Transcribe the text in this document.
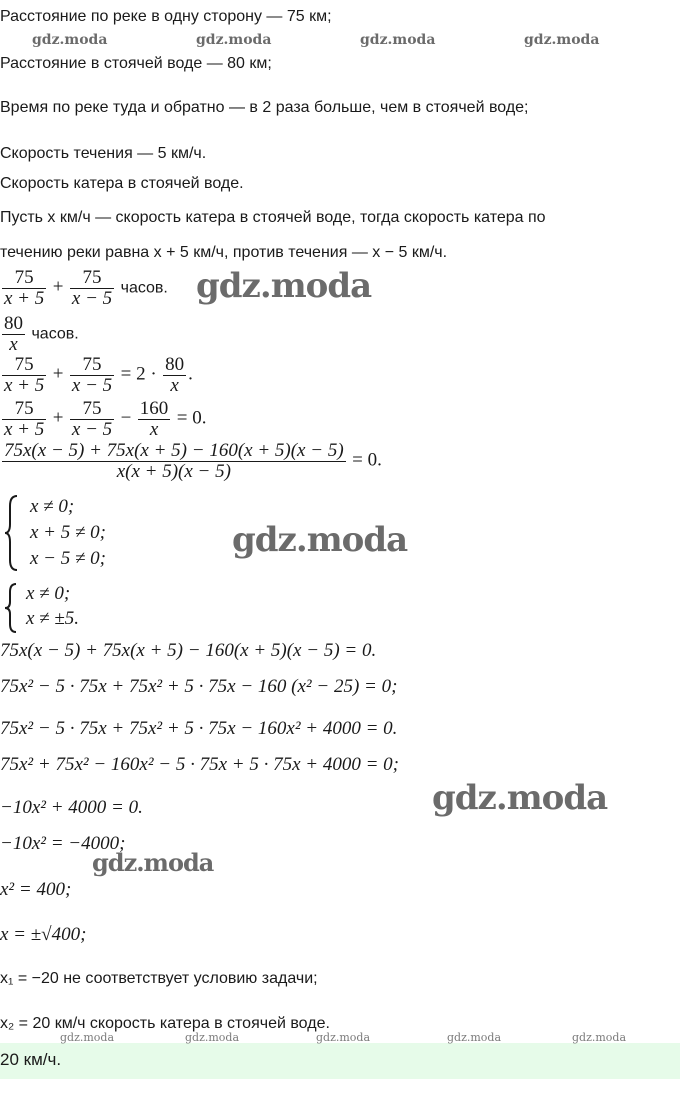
Расстояние по реке в одну сторону — 75 км;
Расстояние в стоячей воде — 80 км;
Время по реке туда и обратно — в 2 раза больше, чем в стоячей воде;
Скорость течения — 5 км/ч.
Скорость катера в стоячей воде.
Пусть x км/ч — скорость катера в стоячей воде, тогда скорость катера по
течению реки равна x + 5 км/ч, против течения — x − 5 км/ч.
$\frac{75}{x + 5} + \frac{75}{x - 5}$ часов.
$\frac{80}{x}$ часов.
$\frac{75}{x + 5} + \frac{75}{x - 5} = 2 \cdot \frac{80}{x}$ .
$\frac{75}{x + 5} + \frac{75}{x - 5} - \frac{160}{x} = 0$.
$\frac{75x(x - 5) + 75x(x + 5) - 160(x + 5)(x - 5)}{x(x + 5)(x - 5)} = 0$.
x ≠ 0;
x + 5 ≠ 0;
x − 5 ≠ 0;
x ≠ 0;
x ≠ ±5.
75x(x − 5) + 75x(x + 5) − 160(x + 5)(x − 5) = 0.
75x² − 5 · 75x + 75x² + 5 · 75x − 160 (x² − 25) = 0;
75x² − 5 · 75x + 75x² + 5 · 75x − 160x² + 4000 = 0.
75x² + 75x² − 160x² − 5 · 75x + 5 · 75x + 4000 = 0;
−10x² + 4000 = 0.
−10x² = −4000;
x² = 400;
x = ±√400;
x₁ = −20 не соответствует условию задачи;
x₂ = 20 км/ч скорость катера в стоячей воде.
20 км/ч.
gdz.moda	gdz.moda	gdz.moda	gdz.moda
gdz.moda
gdz.moda
gdz.moda
gdz.moda
gdz.moda	gdz.moda	gdz.moda	gdz.moda	gdz.moda
